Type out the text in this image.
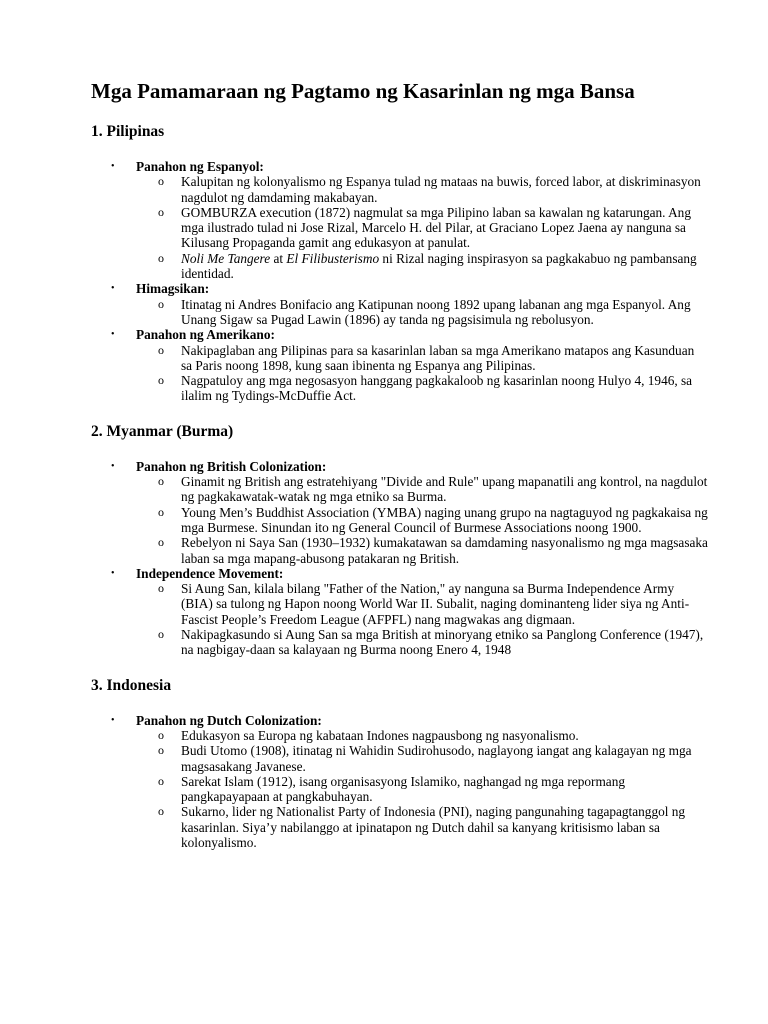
Mga Pamamaraan ng Pagtamo ng Kasarinlan ng mga Bansa
1. Pilipinas
• Panahon ng Espanyol:
o Kalupitan ng kolonyalismo ng Espanya tulad ng mataas na buwis, forced labor, at diskriminasyon nagdulot ng damdaming makabayan.
o GOMBURZA execution (1872) nagmulat sa mga Pilipino laban sa kawalan ng katarungan. Ang mga ilustrado tulad ni Jose Rizal, Marcelo H. del Pilar, at Graciano Lopez Jaena ay nanguna sa Kilusang Propaganda gamit ang edukasyon at panulat.
o Noli Me Tangere at El Filibusterismo ni Rizal naging inspirasyon sa pagkakabuo ng pambansang identidad.
• Himagsikan:
o Itinatag ni Andres Bonifacio ang Katipunan noong 1892 upang labanan ang mga Espanyol. Ang Unang Sigaw sa Pugad Lawin (1896) ay tanda ng pagsisimula ng rebolusyon.
• Panahon ng Amerikano:
o Nakipaglaban ang Pilipinas para sa kasarinlan laban sa mga Amerikano matapos ang Kasunduan sa Paris noong 1898, kung saan ibinenta ng Espanya ang Pilipinas.
o Nagpatuloy ang mga negosasyon hanggang pagkakaloob ng kasarinlan noong Hulyo 4, 1946, sa ilalim ng Tydings-McDuffie Act.
2. Myanmar (Burma)
• Panahon ng British Colonization:
o Ginamit ng British ang estratehiyang "Divide and Rule" upang mapanatili ang kontrol, na nagdulot ng pagkakawatak-watak ng mga etniko sa Burma.
o Young Men’s Buddhist Association (YMBA) naging unang grupo na nagtaguyod ng pagkakaisa ng mga Burmese. Sinundan ito ng General Council of Burmese Associations noong 1900.
o Rebelyon ni Saya San (1930–1932) kumakatawan sa damdaming nasyonalismo ng mga magsasaka laban sa mga mapang-abusong patakaran ng British.
• Independence Movement:
o Si Aung San, kilala bilang "Father of the Nation," ay nanguna sa Burma Independence Army (BIA) sa tulong ng Hapon noong World War II. Subalit, naging dominanteng lider siya ng Anti-Fascist People’s Freedom League (AFPFL) nang magwakas ang digmaan.
o Nakipagkasundo si Aung San sa mga British at minoryang etniko sa Panglong Conference (1947), na nagbigay-daan sa kalayaan ng Burma noong Enero 4, 1948
3. Indonesia
• Panahon ng Dutch Colonization:
o Edukasyon sa Europa ng kabataan Indones nagpausbong ng nasyonalismo.
o Budi Utomo (1908), itinatag ni Wahidin Sudirohusodo, naglayong iangat ang kalagayan ng mga magsasakang Javanese.
o Sarekat Islam (1912), isang organisasyong Islamiko, naghangad ng mga repormang pangkapayapaan at pangkabuhayan.
o Sukarno, lider ng Nationalist Party of Indonesia (PNI), naging pangunahing tagapagtanggol ng kasarinlan. Siya’y nabilanggo at ipinatapon ng Dutch dahil sa kanyang kritisismo laban sa kolonyalismo.
